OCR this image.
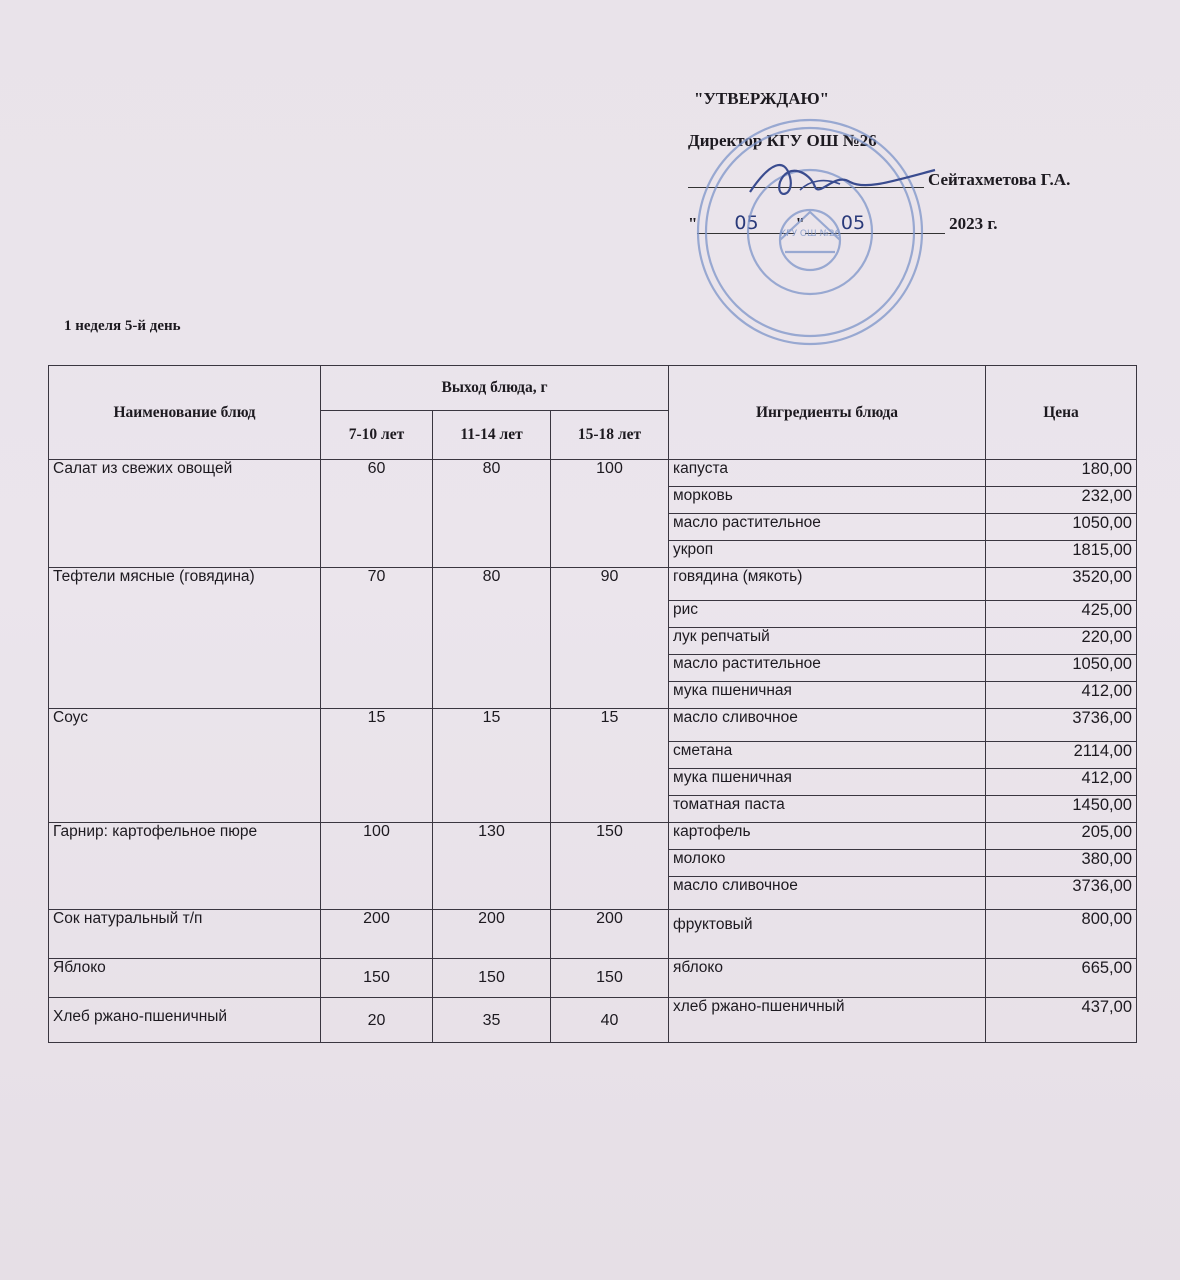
"УТВЕРЖДАЮ"
Директор КГУ ОШ №26
Сейтахметова Г.А.
" 05 " 05	2023 г.
КГУ ОШ №26
1 неделя 5-й день
Наименование блюд	Выход блюда, г			Ингредиенты блюда	Цена
	7-10 лет	11-14 лет	15-18 лет		
Салат из свежих овощей	60	80	100	капуста	180,00
				морковь	232,00
				масло растительное	1050,00
				укроп	1815,00
Тефтели мясные (говядина)	70	80	90	говядина (мякоть)	3520,00
				рис	425,00
				лук репчатый	220,00
				масло растительное	1050,00
				мука пшеничная	412,00
Соус	15	15	15	масло сливочное	3736,00
				сметана	2114,00
				мука пшеничная	412,00
				томатная паста	1450,00
Гарнир: картофельное пюре	100	130	150	картофель	205,00
				молоко	380,00
				масло сливочное	3736,00
Сок натуральный т/п	200	200	200	фруктовый	800,00
Яблоко	150	150	150	яблоко	665,00
Хлеб ржано-пшеничный	20	35	40	хлеб ржано-пшеничный	437,00
